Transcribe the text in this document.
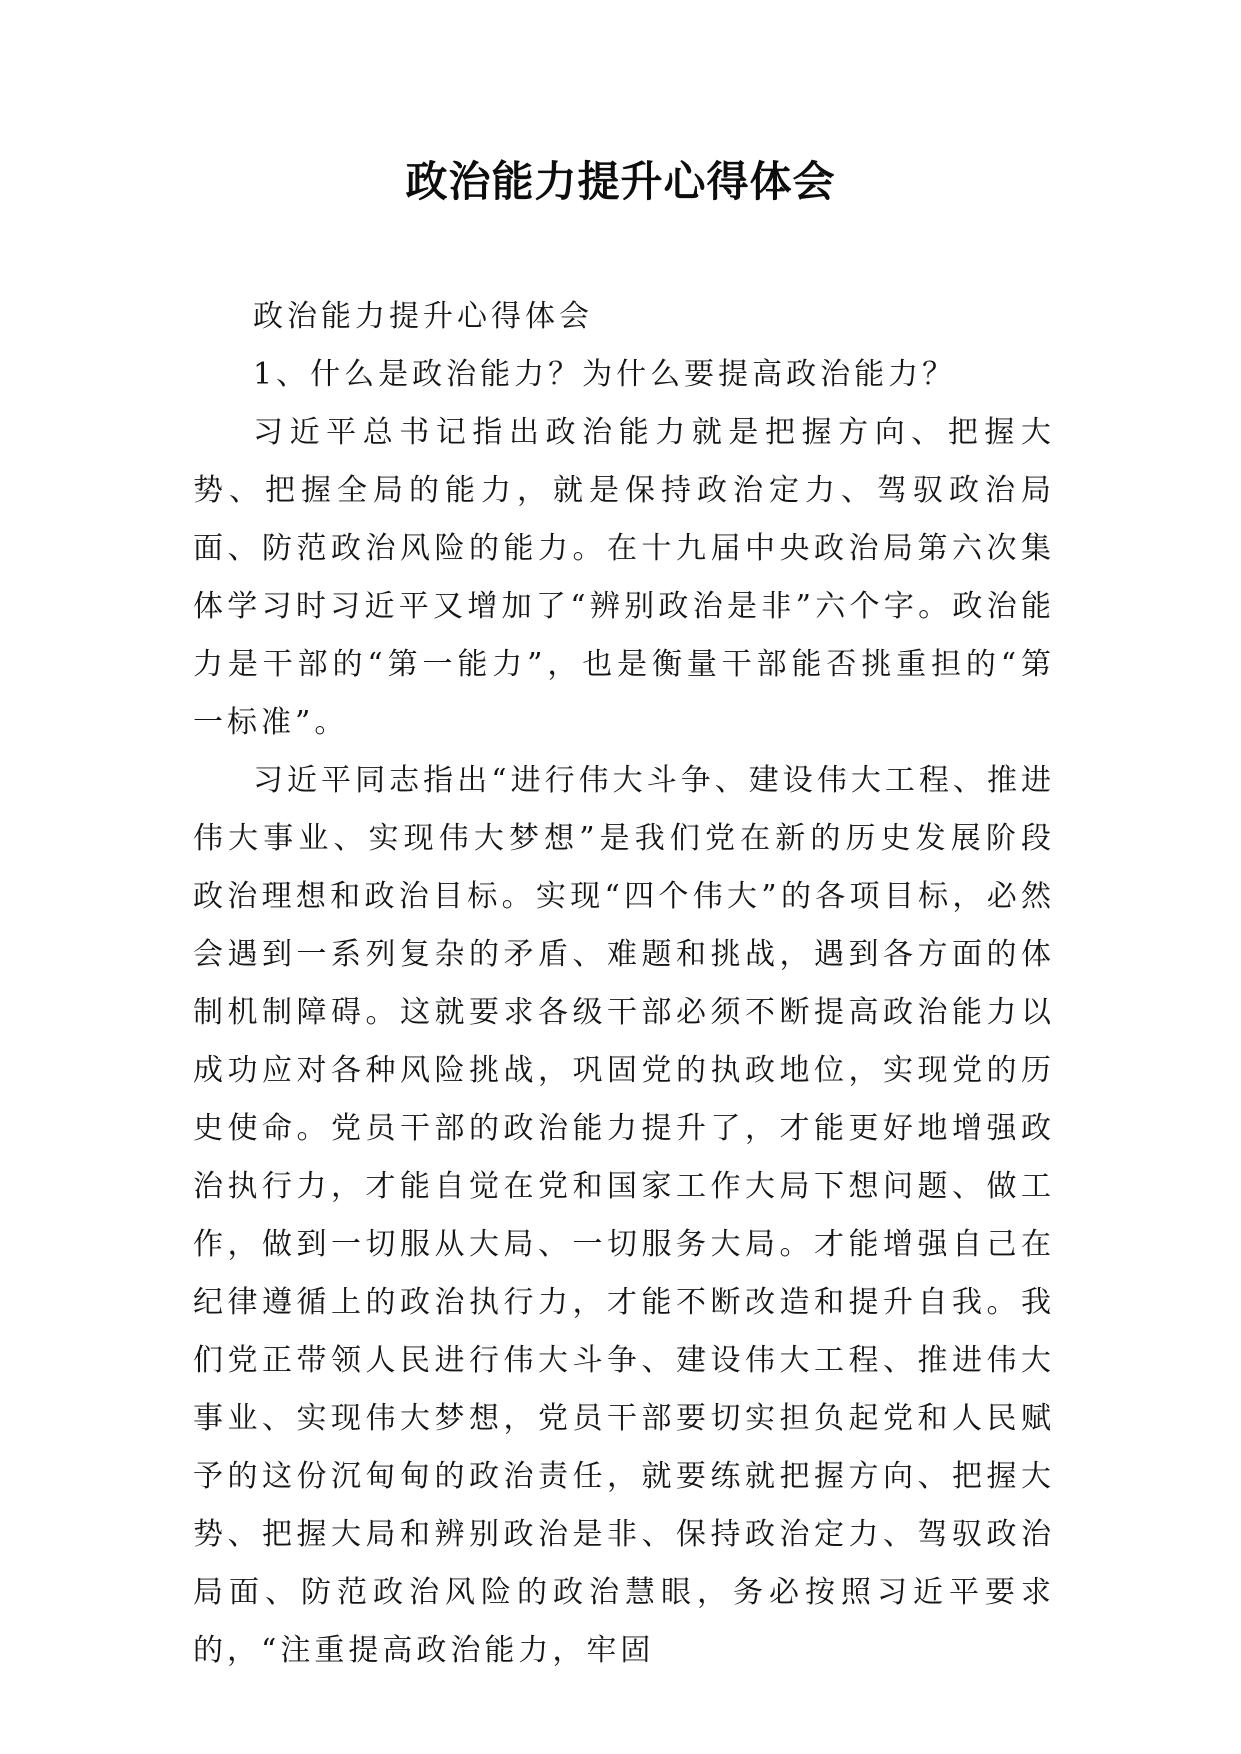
政治能力提升心得体会

政治能力提升心得体会

1、什么是政治能力？为什么要提高政治能力？

习近平总书记指出政治能力就是把握方向、把握大势、把握全局的能力，就是保持政治定力、驾驭政治局面、防范政治风险的能力。在十九届中央政治局第六次集体学习时习近平又增加了“辨别政治是非”六个字。政治能力是干部的“第一能力”，也是衡量干部能否挑重担的“第一标准”。

习近平同志指出“进行伟大斗争、建设伟大工程、推进伟大事业、实现伟大梦想”是我们党在新的历史发展阶段政治理想和政治目标。实现“四个伟大”的各项目标，必然会遇到一系列复杂的矛盾、难题和挑战，遇到各方面的体制机制障碍。这就要求各级干部必须不断提高政治能力以成功应对各种风险挑战，巩固党的执政地位，实现党的历史使命。党员干部的政治能力提升了，才能更好地增强政治执行力，才能自觉在党和国家工作大局下想问题、做工作，做到一切服从大局、一切服务大局。才能增强自己在纪律遵循上的政治执行力，才能不断改造和提升自我。我们党正带领人民进行伟大斗争、建设伟大工程、推进伟大事业、实现伟大梦想，党员干部要切实担负起党和人民赋予的这份沉甸甸的政治责任，就要练就把握方向、把握大势、把握大局和辨别政治是非、保持政治定力、驾驭政治局面、防范政治风险的政治慧眼，务必按照习近平要求的，“注重提高政治能力，牢固
